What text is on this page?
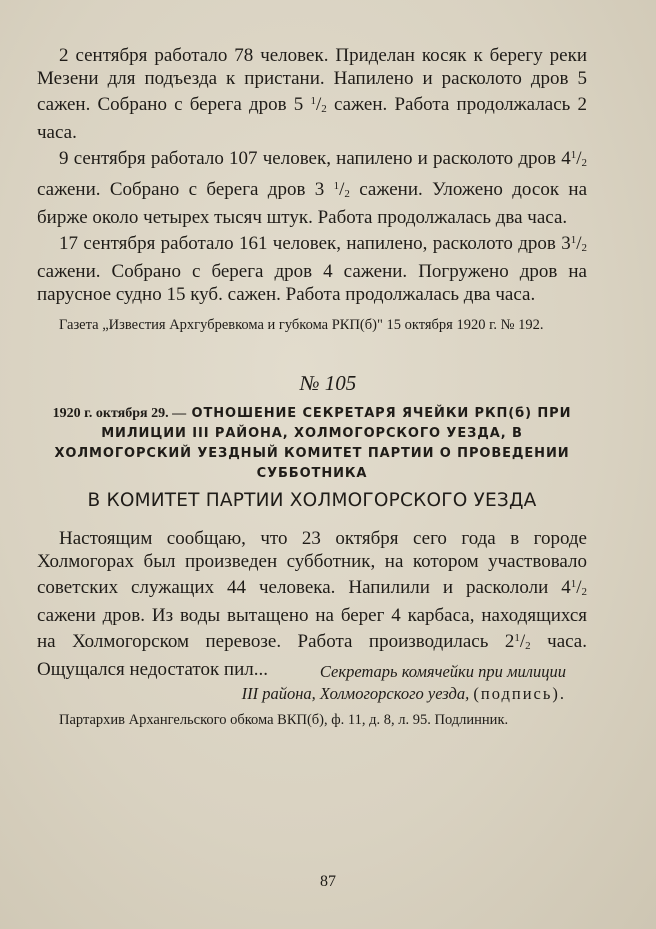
2 сентября работало 78 человек. Приделан косяк к берегу реки Мезени для подъезда к пристани. Напилено и расколото дров 5 сажен. Собрано с берега дров 5 $^1/_2$ сажен. Работа продолжалась 2 часа.

9 сентября работало 107 человек, напилено и расколото дров $4^1/_2$ сажени. Собрано с берега дров 3 $^1/_2$ сажени. Уложено досок на бирже около четырех тысяч штук. Работа продолжалась два часа.

17 сентября работало 161 человек, напилено, расколото дров $3^1/_2$ сажени. Собрано с берега дров 4 сажени. Погружено дров на парусное судно 15 куб. сажен. Работа продолжалась два часа.

Газета „Известия Архгубревкома и губкома РКП(б)" 15 октября 1920 г. № 192.

№ 105
1920 г. октября 29. — ОТНОШЕНИЕ СЕКРЕТАРЯ ЯЧЕЙКИ РКП(б) ПРИ МИЛИЦИИ III РАЙОНА, ХОЛМОГОРСКОГО УЕЗДА, В ХОЛМОГОРСКИЙ УЕЗДНЫЙ КОМИТЕТ ПАРТИИ О ПРОВЕДЕНИИ СУББОТНИКА
В КОМИТЕТ ПАРТИИ ХОЛМОГОРСКОГО УЕЗДА

Настоящим сообщаю, что 23 октября сего года в городе Холмогорах был произведен субботник, на котором участвовало советских служащих 44 человека. Напилили и раскололи $4^1/_2$ сажени дров. Из воды вытащено на берег 4 карбаса, находящихся на Холмогорском перевозе. Работа производилась $2^1/_2$ часа. Ощущался недостаток пил...	Секретарь комячейки при милиции
III района, Холмогорского уезда, (подпись).

Партархив Архангельского обкома ВКП(б), ф. 11, д. 8, л. 95. Подлинник.

87
